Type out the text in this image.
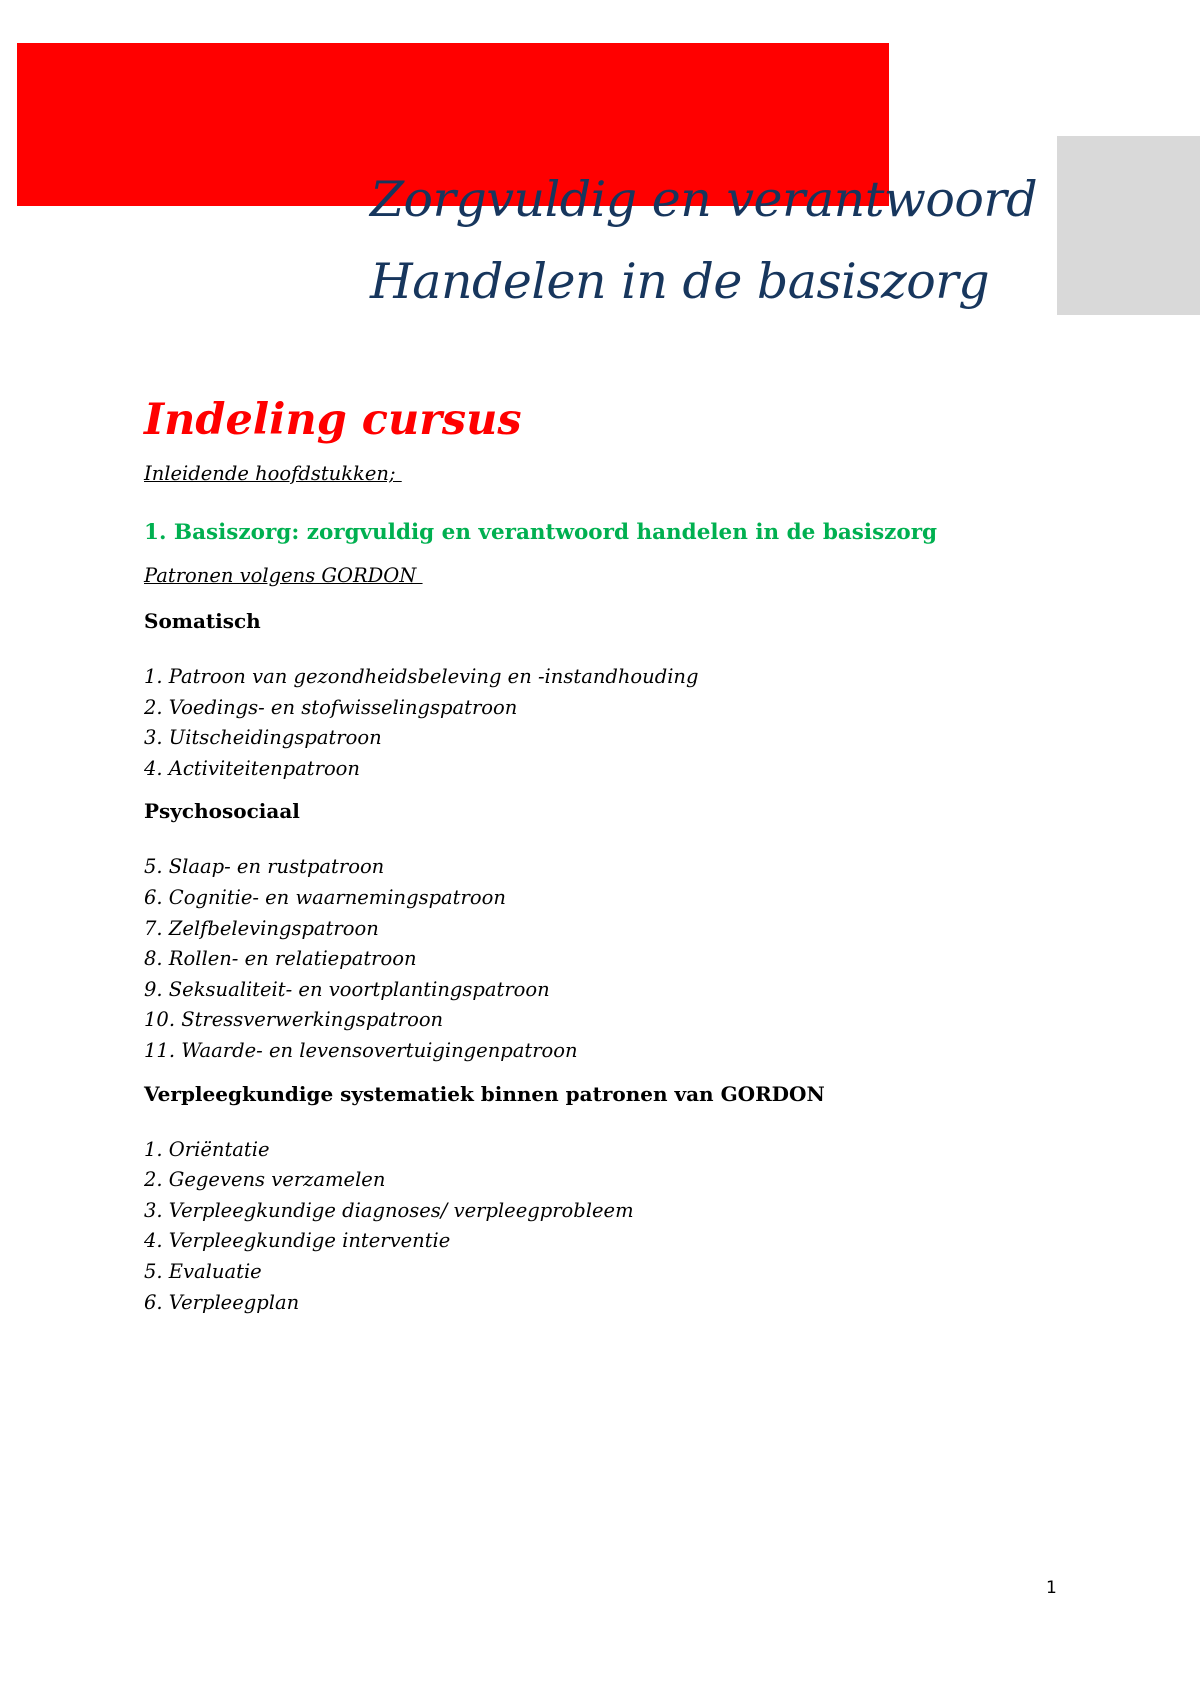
Zorgvuldig en verantwoord
Handelen in de basiszorg
Indeling cursus
Inleidende hoofdstukken;
1. Basiszorg: zorgvuldig en verantwoord handelen in de basiszorg
Patronen volgens GORDON
Somatisch
1. Patroon van gezondheidsbeleving en -instandhouding
2. Voedings- en stofwisselingspatroon
3. Uitscheidingspatroon
4. Activiteitenpatroon
Psychosociaal
5. Slaap- en rustpatroon
6. Cognitie- en waarnemingspatroon
7. Zelfbelevingspatroon
8. Rollen- en relatiepatroon
9. Seksualiteit- en voortplantingspatroon
10. Stressverwerkingspatroon
11. Waarde- en levensovertuigingenpatroon
Verpleegkundige systematiek binnen patronen van GORDON
1. Oriëntatie
2. Gegevens verzamelen
3. Verpleegkundige diagnoses/ verpleegprobleem
4. Verpleegkundige interventie
5. Evaluatie
6. Verpleegplan
1
